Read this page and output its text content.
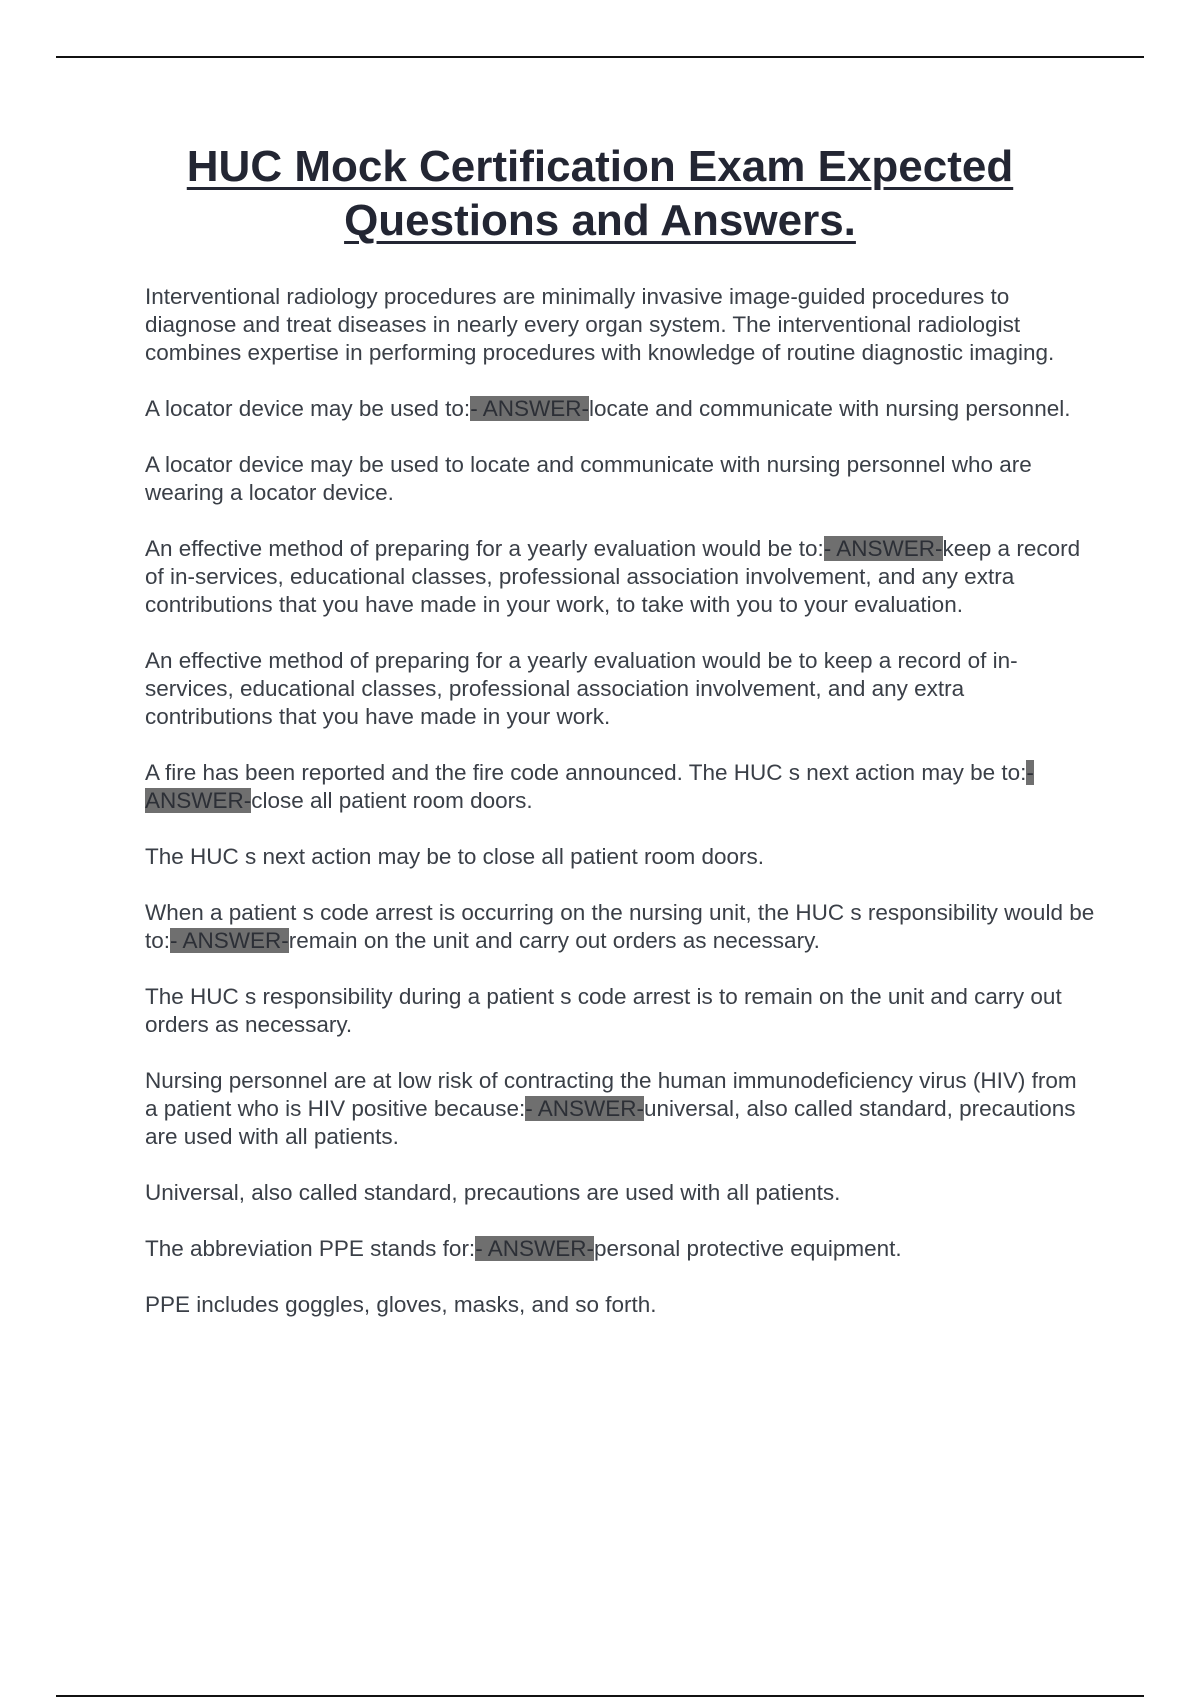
HUC Mock Certification Exam Expected Questions and Answers.

Interventional radiology procedures are minimally invasive image-guided procedures to diagnose and treat diseases in nearly every organ system. The interventional radiologist combines expertise in performing procedures with knowledge of routine diagnostic imaging.

A locator device may be used to:- ANSWER-locate and communicate with nursing personnel.

A locator device may be used to locate and communicate with nursing personnel who are wearing a locator device.

An effective method of preparing for a yearly evaluation would be to:- ANSWER-keep a record of in-services, educational classes, professional association involvement, and any extra contributions that you have made in your work, to take with you to your evaluation.

An effective method of preparing for a yearly evaluation would be to keep a record of in-services, educational classes, professional association involvement, and any extra contributions that you have made in your work.

A fire has been reported and the fire code announced. The HUC s next action may be to:- ANSWER-close all patient room doors.

The HUC s next action may be to close all patient room doors.

When a patient s code arrest is occurring on the nursing unit, the HUC s responsibility would be to:- ANSWER-remain on the unit and carry out orders as necessary.

The HUC s responsibility during a patient s code arrest is to remain on the unit and carry out orders as necessary.

Nursing personnel are at low risk of contracting the human immunodeficiency virus (HIV) from a patient who is HIV positive because:- ANSWER-universal, also called standard, precautions are used with all patients.

Universal, also called standard, precautions are used with all patients.

The abbreviation PPE stands for:- ANSWER-personal protective equipment.

PPE includes goggles, gloves, masks, and so forth.
